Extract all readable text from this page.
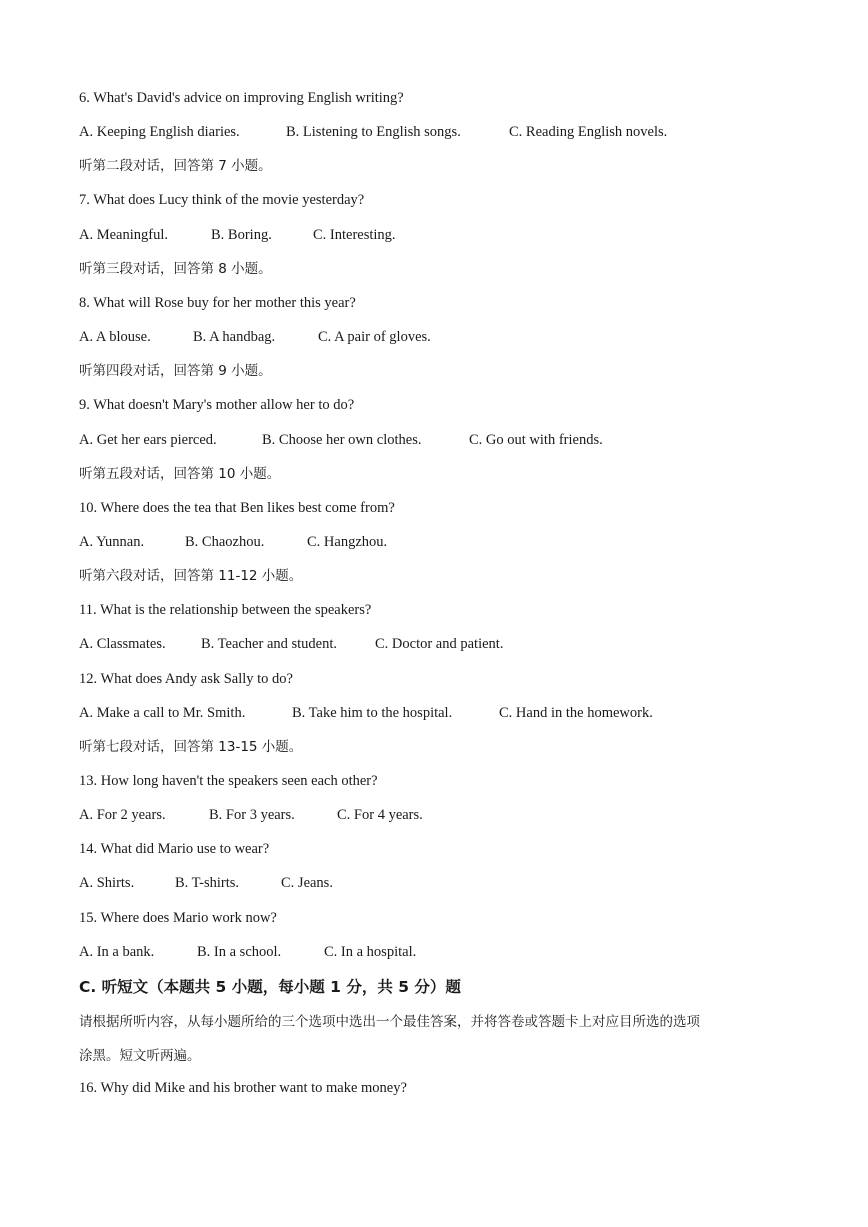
6. What's David's advice on improving English writing?
A. Keeping English diaries.	B. Listening to English songs.	C. Reading English novels.
听第二段对话，回答第 7 小题。
7. What does Lucy think of the movie yesterday?
A. Meaningful.	B. Boring.	C. Interesting.
听第三段对话，回答第 8 小题。
8. What will Rose buy for her mother this year?
A. A blouse.	B. A handbag.	C. A pair of gloves.
听第四段对话，回答第 9 小题。
9. What doesn't Mary's mother allow her to do?
A. Get her ears pierced.	B. Choose her own clothes.	C. Go out with friends.
听第五段对话，回答第 10 小题。
10. Where does the tea that Ben likes best come from?
A. Yunnan.	B. Chaozhou.	C. Hangzhou.
听第六段对话，回答第 11-12 小题。
11. What is the relationship between the speakers?
A. Classmates. B. Teacher and student.	C. Doctor and patient.
12. What does Andy ask Sally to do?
A. Make a call to Mr. Smith.	B. Take him to the hospital.	C. Hand in the homework.
听第七段对话，回答第 13-15 小题。
13. How long haven't the speakers seen each other?
A. For 2 years.	B. For 3 years.	C. For 4 years.
14. What did Mario use to wear?
A. Shirts.	B. T-shirts.	C. Jeans.
15. Where does Mario work now?
A. In a bank.	B. In a school.	C. In a hospital.
C. 听短文（本题共 5 小题，每小题 1 分，共 5 分）题
请根据所听内容，从每小题所给的三个选项中选出一个最佳答案，并将答卷或答题卡上对应目所选的选项
涂黑。短文听两遍。
16. Why did Mike and his brother want to make money?
